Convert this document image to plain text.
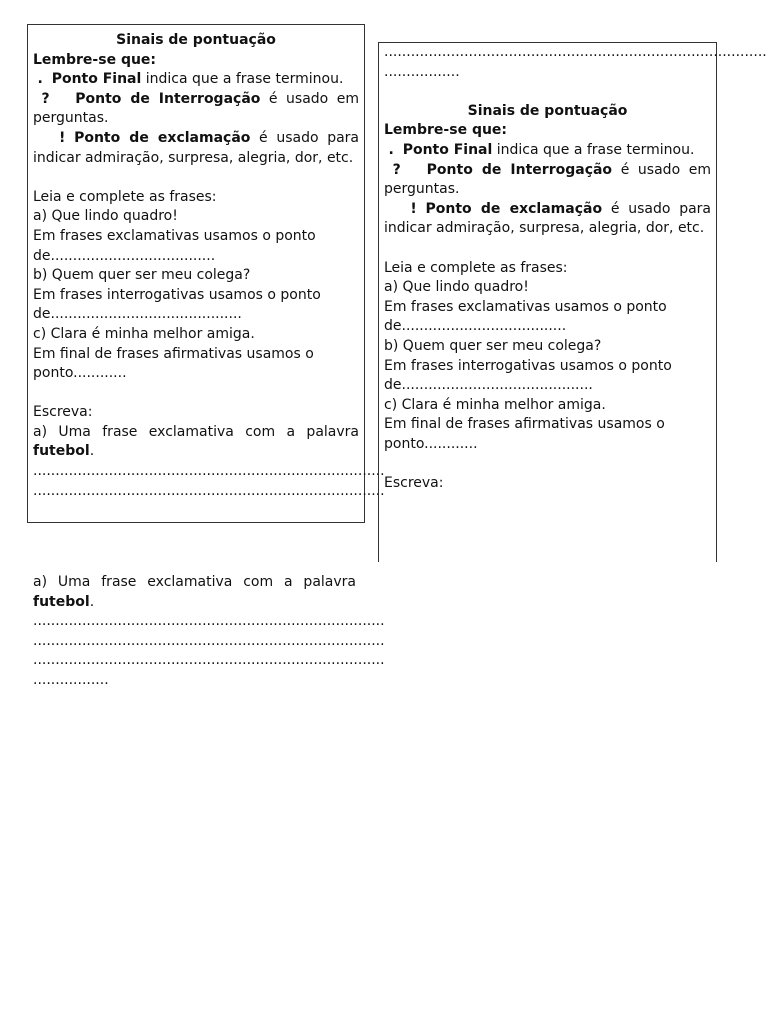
Sinais de pontuação

Lembre-se que:

. Ponto Final indica que a frase terminou.

? Ponto de Interrogação é usado em perguntas.

! Ponto de exclamação é usado para indicar admiração, surpresa, alegria, dor, etc.

Leia e complete as frases:

a) Que lindo quadro!

Em frases exclamativas usamos o ponto

de.....................................

b) Quem quer ser meu colega?

Em frases interrogativas usamos o ponto

de...........................................

c) Clara é minha melhor amiga.

Em final de frases afirmativas usamos o

ponto............

Escreva:

a) Uma frase exclamativa com a palavra futebol.

...............................................................................

...............................................................................

......................................................................................

.................

Sinais de pontuação

Lembre-se que:

. Ponto Final indica que a frase terminou.

? Ponto de Interrogação é usado em perguntas.

! Ponto de exclamação é usado para indicar admiração, surpresa, alegria, dor, etc.

Leia e complete as frases:

a) Que lindo quadro!

Em frases exclamativas usamos o ponto

de.....................................

b) Quem quer ser meu colega?

Em frases interrogativas usamos o ponto

de...........................................

c) Clara é minha melhor amiga.

Em final de frases afirmativas usamos o

ponto............

Escreva:

a) Uma frase exclamativa com a palavra futebol.

...............................................................................

...............................................................................

...............................................................................

.................
